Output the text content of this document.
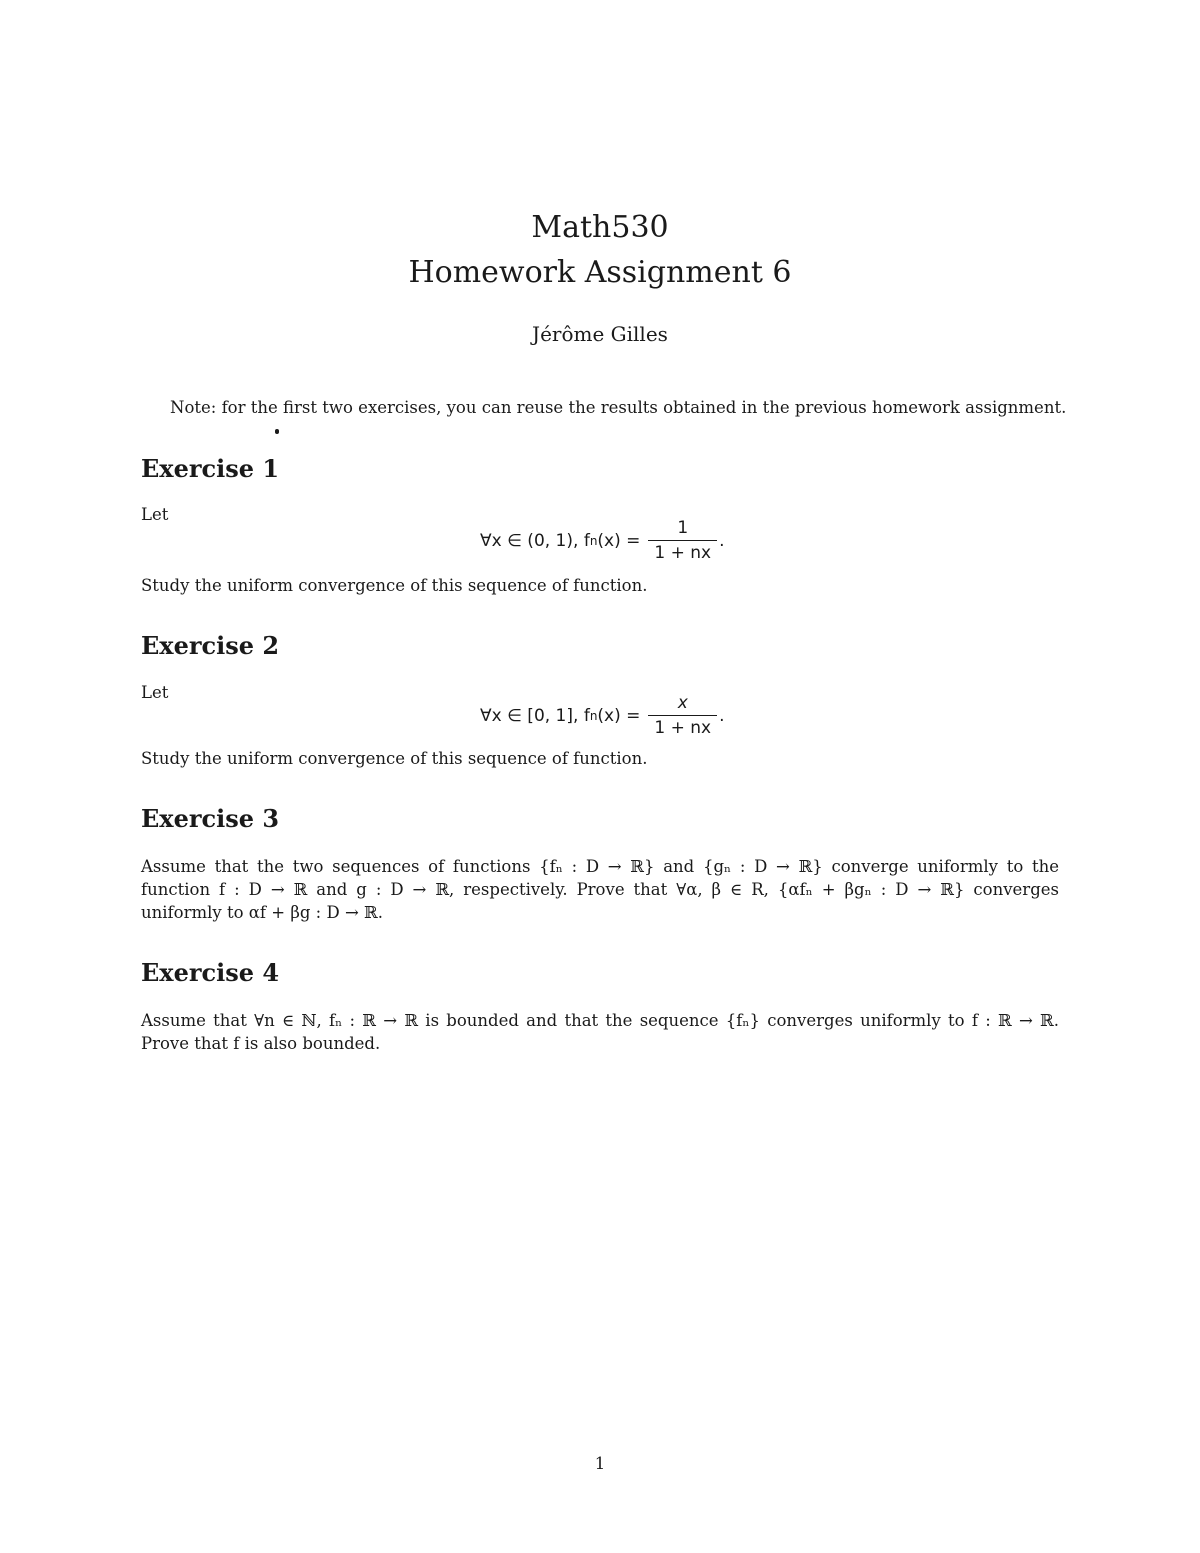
Math530
Homework Assignment 6
Jérôme Gilles
Note: for the first two exercises, you can reuse the results obtained in the previous homework assignment.
Exercise 1
Let
∀x ∈ (0, 1), f n $(x) = \frac{1}{1 + nx}$ .
Study the uniform convergence of this sequence of function.
Exercise 2
Let
∀x ∈ [0, 1], f n $(x) = \frac{x}{1 + nx}$ .
Study the uniform convergence of this sequence of function.
Exercise 3
Assume that the two sequences of functions {fₙ : D → ℝ} and {gₙ : D → ℝ} converge uniformly to the
function f : D → ℝ and g : D → ℝ, respectively. Prove that ∀α, β ∈ R, {αfₙ + βgₙ : D → ℝ} converges
uniformly to αf + βg : D → ℝ.
Exercise 4
Assume that ∀n ∈ ℕ, fₙ : ℝ → ℝ is bounded and that the sequence {fₙ} converges uniformly to f : ℝ → ℝ.
Prove that f is also bounded.
1
